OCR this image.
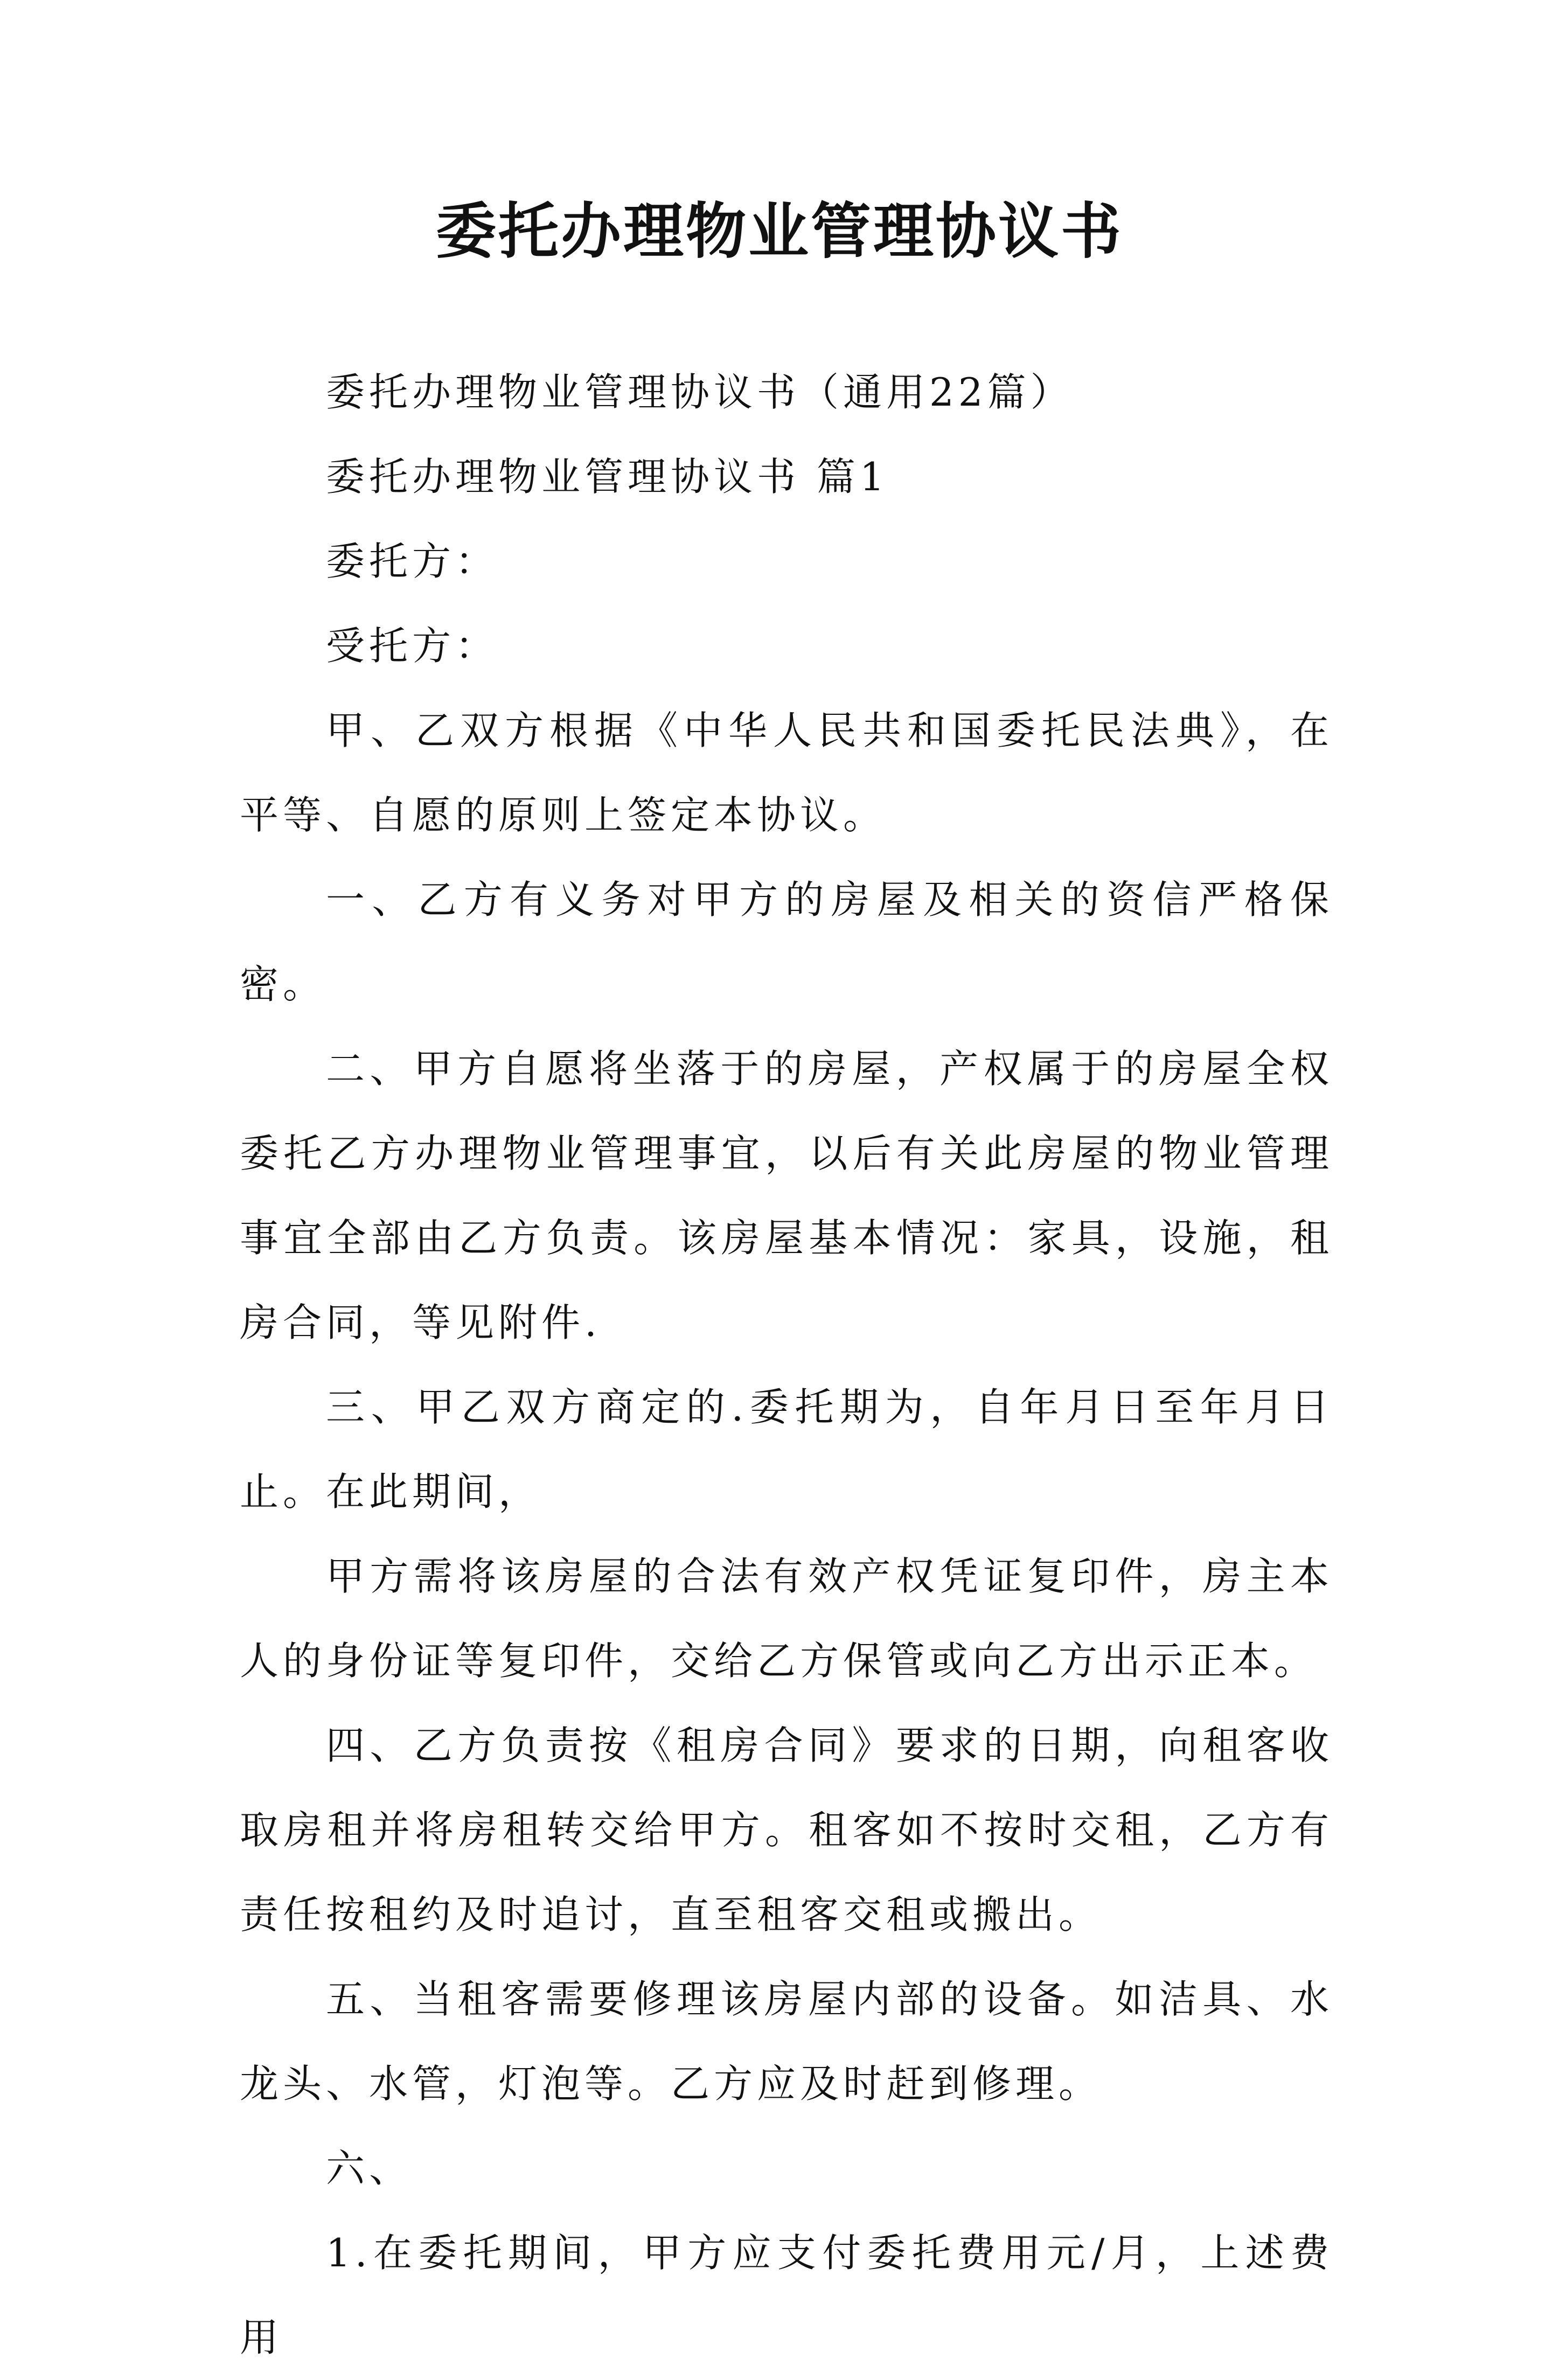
委托办理物业管理协议书

委托办理物业管理协议书（通用22篇）

委托办理物业管理协议书 篇1

委托方：

受托方：

甲、乙双方根据《中华人民共和国委托民法典》，在平等、自愿的原则上签定本协议。

一、乙方有义务对甲方的房屋及相关的资信严格保密。

二、甲方自愿将坐落于的房屋，产权属于的房屋全权委托乙方办理物业管理事宜，以后有关此房屋的物业管理事宜全部由乙方负责。该房屋基本情况：家具，设施，租房合同，等见附件.

三、甲乙双方商定的.委托期为，自年月日至年月日止。在此期间，

甲方需将该房屋的合法有效产权凭证复印件，房主本人的身份证等复印件，交给乙方保管或向乙方出示正本。

四、乙方负责按《租房合同》要求的日期，向租客收取房租并将房租转交给甲方。租客如不按时交租，乙方有责任按租约及时追讨，直至租客交租或搬出。

五、当租客需要修理该房屋内部的设备。如洁具、水龙头、水管，灯泡等。乙方应及时赶到修理。

六、

1.在委托期间，甲方应支付委托费用元/月，上述费用
